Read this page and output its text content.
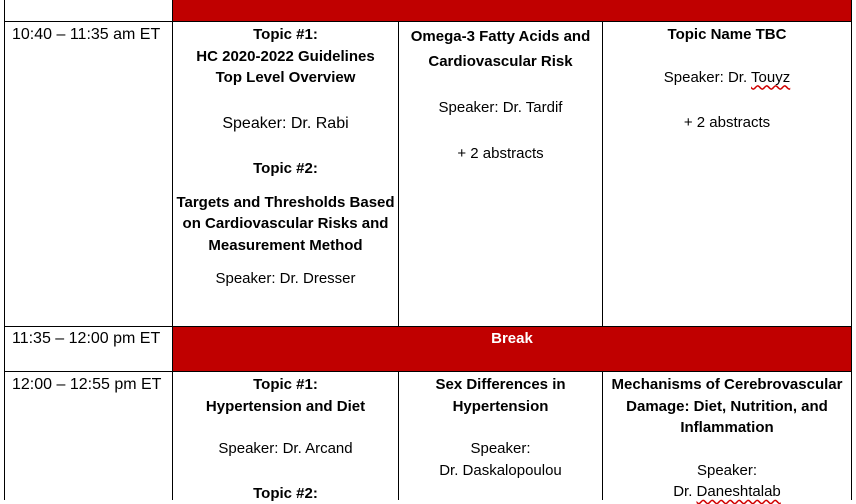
Break
10:40 – 11:35 am ET
11:35 – 12:00 pm ET
12:00 – 12:55 pm ET

Topic #1:

HC 2020-2022 Guidelines

Top Level Overview

Speaker: Dr. Rabi

Topic #2:

Targets and Thresholds Based

on Cardiovascular Risks and

Measurement Method

Speaker: Dr. Dresser

Omega-3 Fatty Acids and

Cardiovascular Risk

Speaker: Dr. Tardif

+ 2 abstracts

Topic Name TBC

Speaker: Dr. Touyz

+ 2 abstracts

Topic #1:

Hypertension and Diet

Speaker: Dr. Arcand

Topic #2:

Sex Differences in

Hypertension

Speaker:

Dr. Daskalopoulou

Mechanisms of Cerebrovascular

Damage: Diet, Nutrition, and

Inflammation

Speaker:

Dr. Daneshtalab
